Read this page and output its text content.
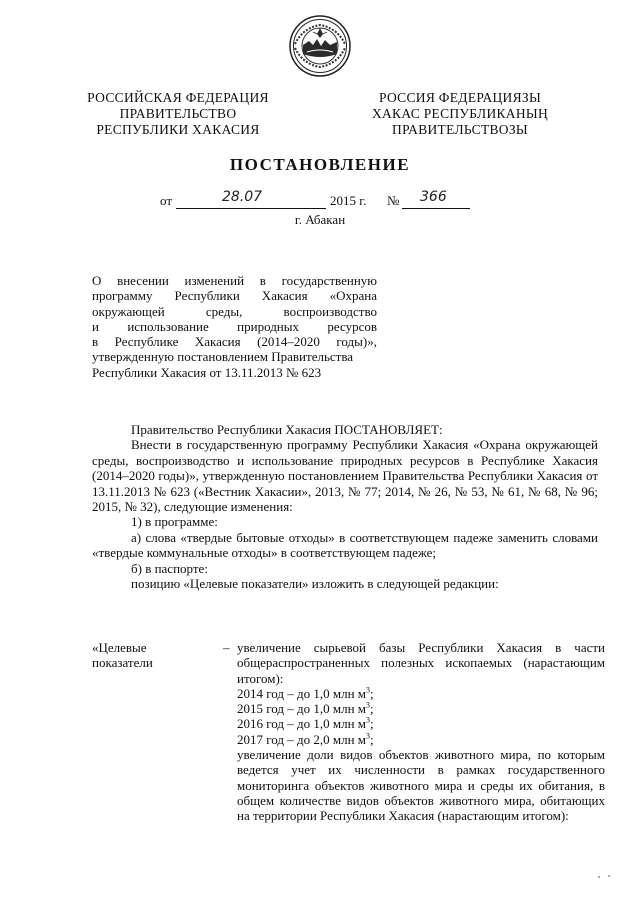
РОССИЙСКАЯ ФЕДЕРАЦИЯ
ПРАВИТЕЛЬСТВО
РЕСПУБЛИКИ ХАКАСИЯ
РОССИЯ ФЕДЕРАЦИЯЗЫ
ХАКАС РЕСПУБЛИКАНЫҢ
ПРАВИТЕЛЬСТВОЗЫ
ПОСТАНОВЛЕНИЕ
от	28.07	2015 г. № 366
г. Абакан
О внесении изменений в государственную
программу Республики Хакасия «Охрана
окружающей среды, воспроизводство
и использование природных ресурсов
в Республике Хакасия (2014–2020 годы)»,
утвержденную постановлением Правительства
Республики Хакасия от 13.11.2013 № 623

Правительство Республики Хакасия ПОСТАНОВЛЯЕТ:

Внести в государственную программу Республики Хакасия «Охрана окружающей среды, воспроизводство и использование природных ресурсов в Республике Хакасия (2014–2020 годы)», утвержденную постановлением Правительства Республики Хакасия от 13.11.2013 № 623 («Вестник Хакасии», 2013, № 77; 2014, № 26, № 53, № 61, № 68, № 96; 2015, № 32), следующие изменения:

1) в программе:

а) слова «твердые бытовые отходы» в соответствующем падеже заменить словами «твердые коммунальные отходы» в соответствующем падеже;

б) в паспорте:

позицию «Целевые показатели» изложить в следующей редакции:

«Целевые показатели
– увеличение сырьевой базы Республики Хакасия в части общераспространенных полезных ископаемых (нарастающим итогом):
2014 год – до 1,0 млн $м^3$;
2015 год – до 1,0 млн $м^3$;
2016 год – до 1,0 млн $м^3$;
2017 год – до 2,0 млн $м^3$;
увеличение доли видов объектов животного мира, по которым ведется учет их численности в рамках государственного мониторинга объектов животного мира и среды их обитания, в общем количестве видов объектов животного мира, обитающих на территории Республики Хакасия (нарастающим итогом):
